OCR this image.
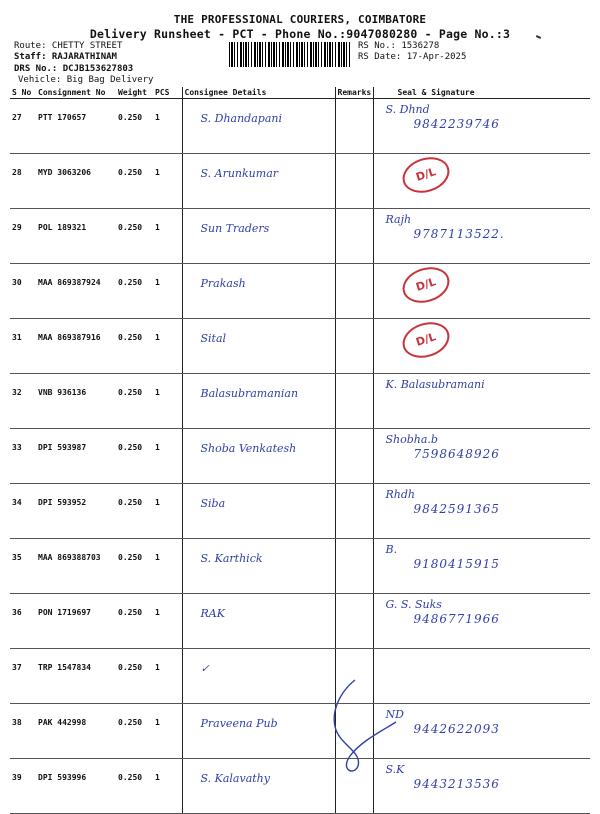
THE PROFESSIONAL COURIERS, COIMBATORE
Delivery Runsheet - PCT - Phone No.:9047080280 - Page No.:3
Route: CHETTY STREET
Staff: RAJARATHINAM
DRS No.: DCJB15362780З
Vehicle: Big Bag Delivery
RS No.: 1536278
RS Date: 17-Apr-2025
S No	Consignment No	Weight	PCS	Consignee Details	Remarks	Seal & Signature
27	PTT 170657	0.250	1	S. Dhandapani		S. Dhnd
9842239746

28	MYD 3063206	0.250	1	S. Arunkumar		D/L

29	POL 189321	0.250	1	Sun Traders		Rajh
9787113522.

30	MAA 869387924	0.250	1	Prakash		D/L

31	MAA 869387916	0.250	1	Sital		D/L

32	VNB 936136	0.250	1	Balasubramanian		K. Balasubramani

33	DPI 593987	0.250	1	Shoba Venkatesh		Shobha.b
7598648926

34	DPI 593952	0.250	1	Siba		Rhdh
9842591365

35	MAA 869388703	0.250	1	S. Karthick		B.
9180415915

36	PON 1719697	0.250	1	RAK		G. S. Suks
9486771966

37	TRP 1547834	0.250	1	✓		

38	PAK 442998	0.250	1	Praveena Pub		ND
9442622093

39	DPI 593996	0.250	1	S. Kalavathy		S.K
9443213536
